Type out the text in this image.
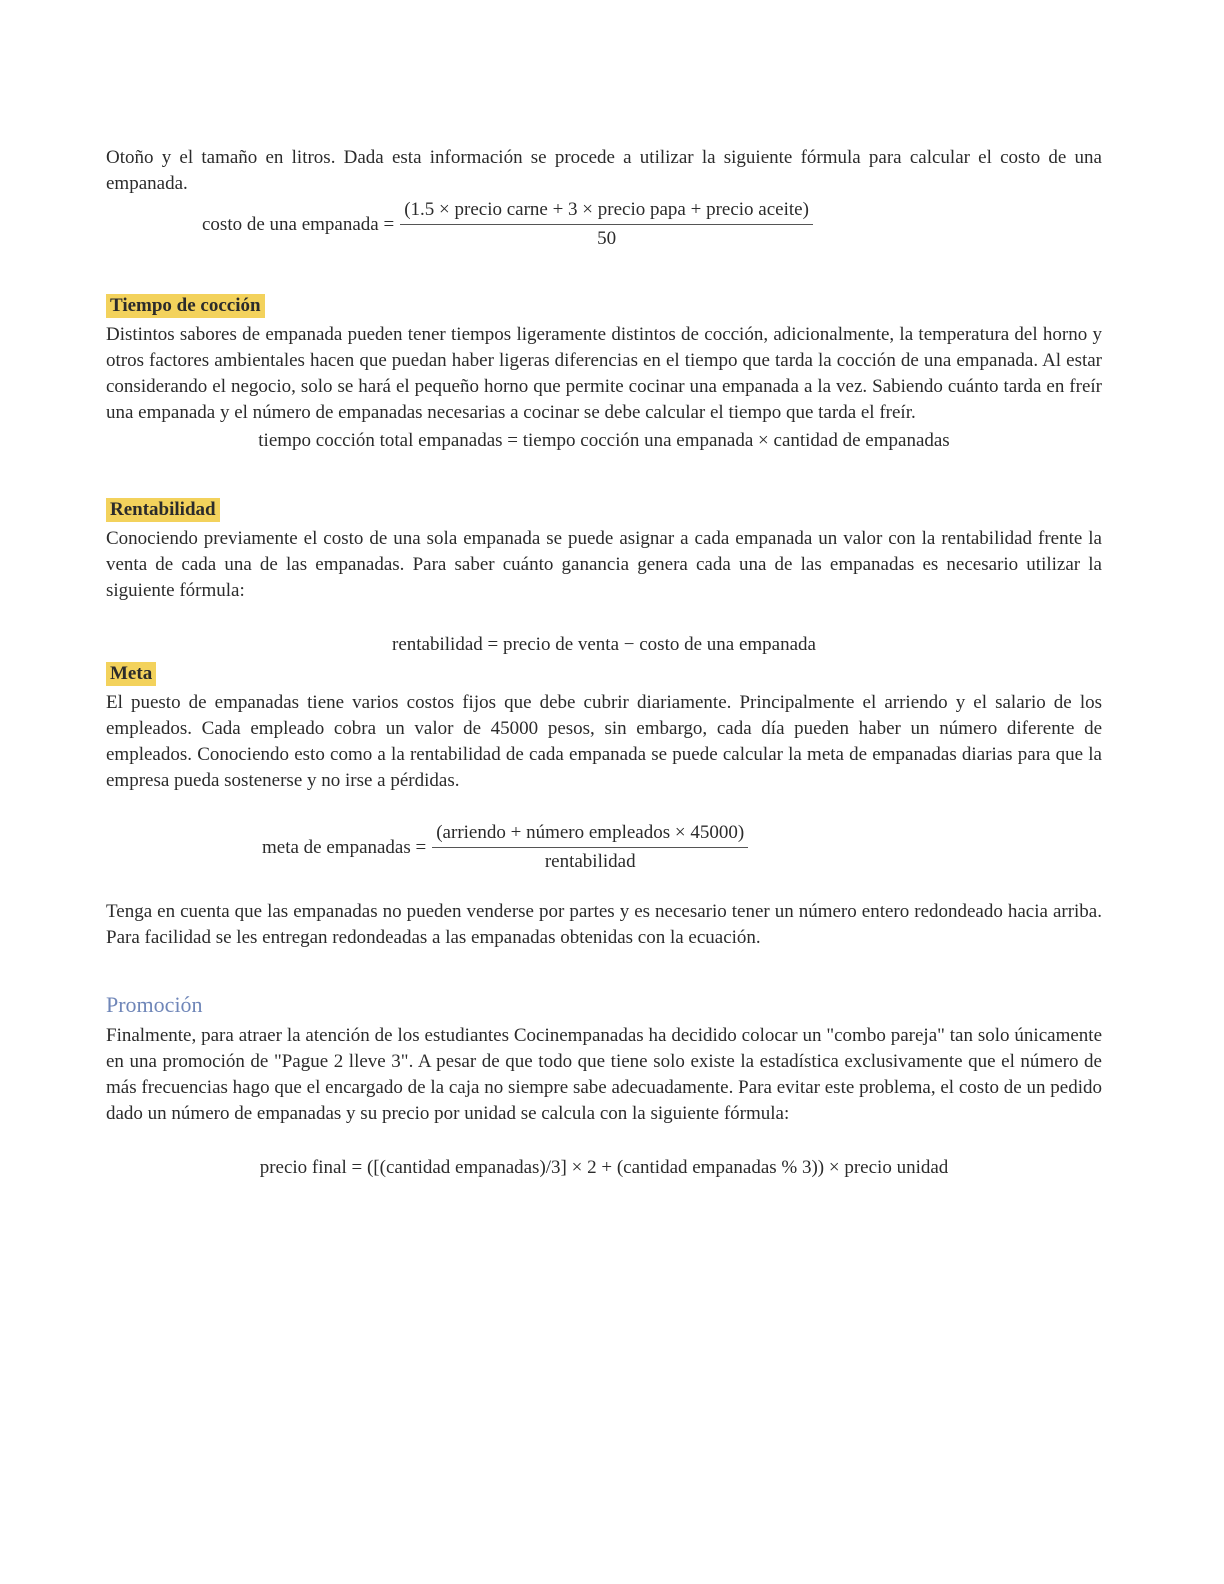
Otoño y el tamaño en litros. Dada esta información se procede a utilizar la siguiente fórmula para calcular el costo de una empanada.

costo de una empanada = $\frac{\text{(1.5 × precio carne + 3 × precio papa + precio aceite)}}{50}$
Tiempo de cocción

Distintos sabores de empanada pueden tener tiempos ligeramente distintos de cocción, adicionalmente, la temperatura del horno y otros factores ambientales hacen que puedan haber ligeras diferencias en el tiempo que tarda la cocción de una empanada. Al estar considerando el negocio, solo se hará el pequeño horno que permite cocinar una empanada a la vez. Sabiendo cuánto tarda en freír una empanada y el número de empanadas necesarias a cocinar se debe calcular el tiempo que tarda el freír.

tiempo cocción total empanadas = tiempo cocción una empanada × cantidad de empanadas
Rentabilidad

Conociendo previamente el costo de una sola empanada se puede asignar a cada empanada un valor con la rentabilidad frente la venta de cada una de las empanadas. Para saber cuánto ganancia genera cada una de las empanadas es necesario utilizar la siguiente fórmula:

rentabilidad = precio de venta − costo de una empanada
Meta

El puesto de empanadas tiene varios costos fijos que debe cubrir diariamente. Principalmente el arriendo y el salario de los empleados. Cada empleado cobra un valor de 45000 pesos, sin embargo, cada día pueden haber un número diferente de empleados. Conociendo esto como a la rentabilidad de cada empanada se puede calcular la meta de empanadas diarias para que la empresa pueda sostenerse y no irse a pérdidas.

meta de empanadas = $\frac{\text{(arriendo + número empleados × 45000)}}{\text{rentabilidad}}$

Tenga en cuenta que las empanadas no pueden venderse por partes y es necesario tener un número entero redondeado hacia arriba. Para facilidad se les entregan redondeadas a las empanadas obtenidas con la ecuación.

Promoción

Finalmente, para atraer la atención de los estudiantes Cocinempanadas ha decidido colocar un "combo pareja" tan solo únicamente en una promoción de "Pague 2 lleve 3". A pesar de que todo que tiene solo existe la estadística exclusivamente que el número de más frecuencias hago que el encargado de la caja no siempre sabe adecuadamente. Para evitar este problema, el costo de un pedido dado un número de empanadas y su precio por unidad se calcula con la siguiente fórmula:

precio final = ([(cantidad empanadas)/3] × 2 + (cantidad empanadas % 3)) × precio unidad
